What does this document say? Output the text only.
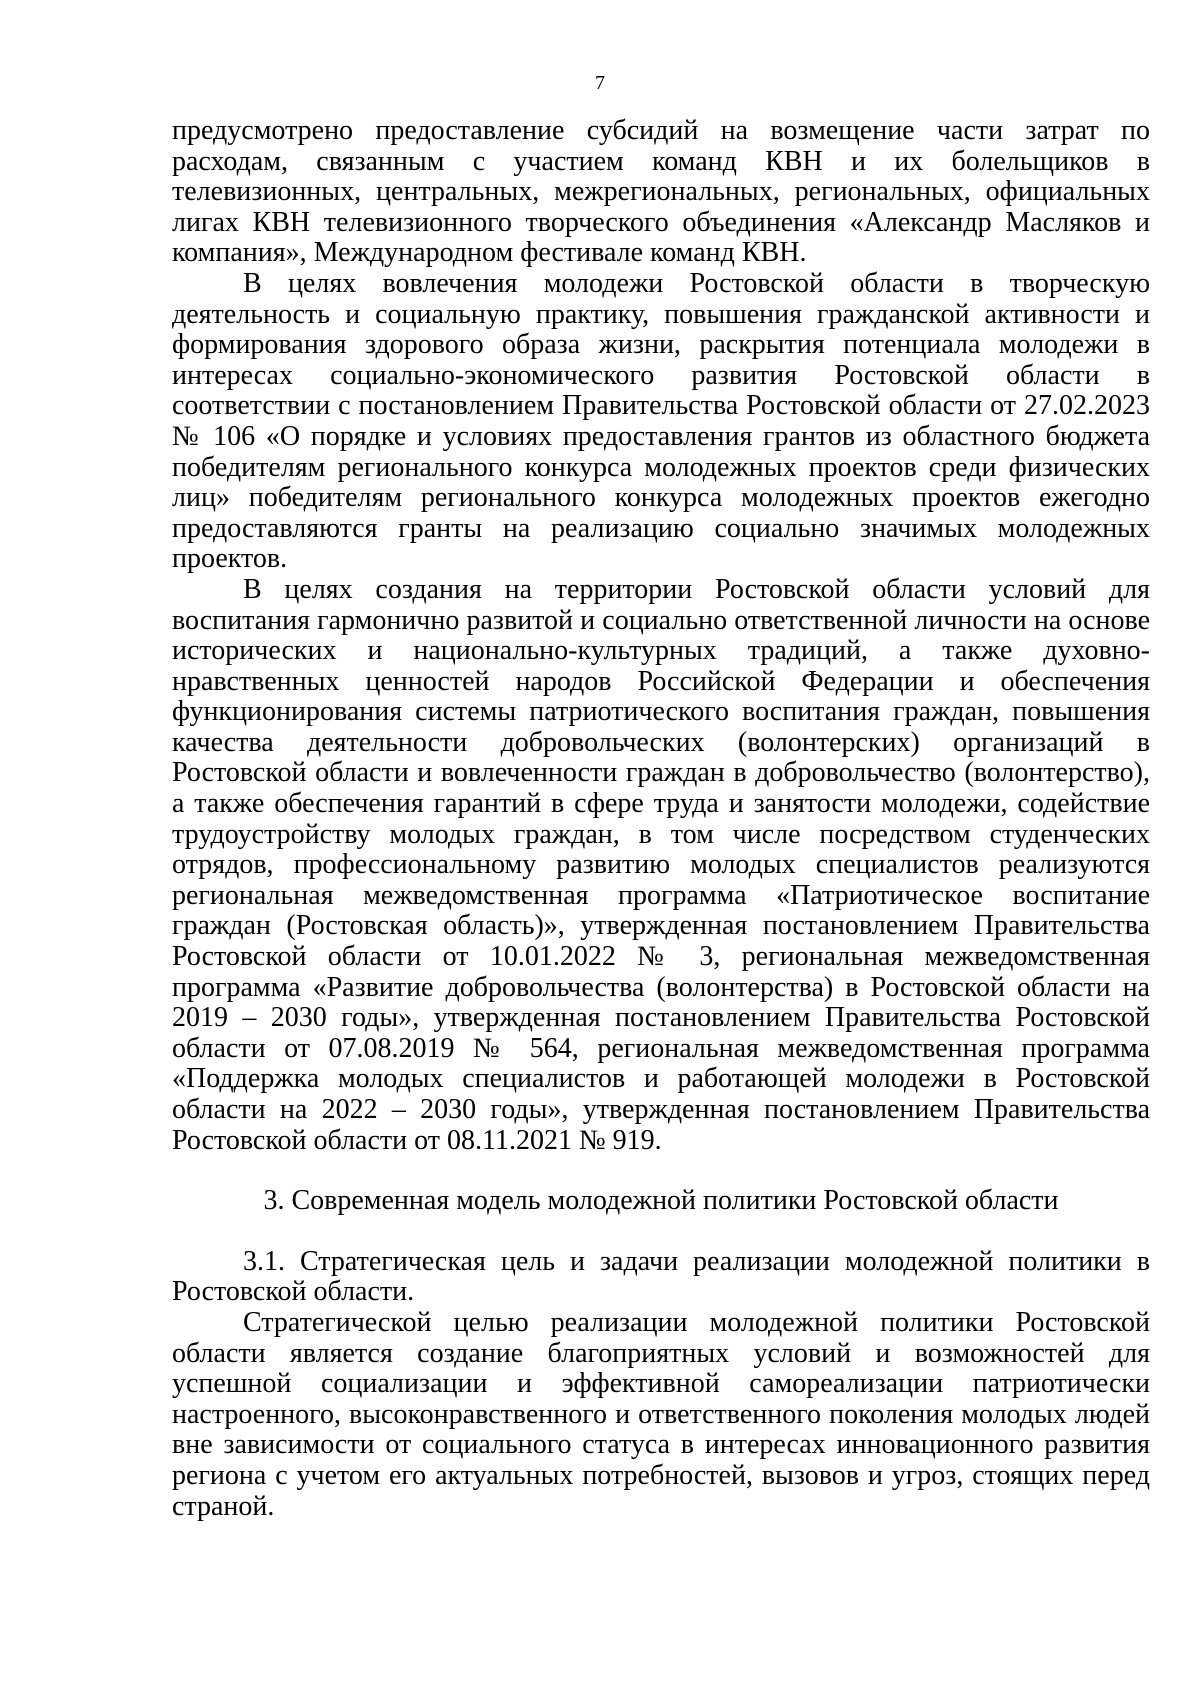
7

предусмотрено предоставление субсидий на возмещение части затрат по расходам, связанным с участием команд КВН и их болельщиков в телевизионных, центральных, межрегиональных, региональных, официальных лигах КВН телевизионного творческого объединения «Александр Масляков и компания», Международном фестивале команд КВН.

В целях вовлечения молодежи Ростовской области в творческую деятельность и социальную практику, повышения гражданской активности и формирования здорового образа жизни, раскрытия потенциала молодежи в интересах социально-экономического развития Ростовской области в соответствии с постановлением Правительства Ростовской области от 27.02.2023 № 106 «О порядке и условиях предоставления грантов из областного бюджета победителям регионального конкурса молодежных проектов среди физических лиц» победителям регионального конкурса молодежных проектов ежегодно предоставляются гранты на реализацию социально значимых молодежных проектов.

В целях создания на территории Ростовской области условий для воспитания гармонично развитой и социально ответственной личности на основе исторических и национально-культурных традиций, а также духовно-нравственных ценностей народов Российской Федерации и обеспечения функционирования системы патриотического воспитания граждан, повышения качества деятельности добровольческих (волонтерских) организаций в Ростовской области и вовлеченности граждан в добровольчество (волонтерство), а также обеспечения гарантий в сфере труда и занятости молодежи, содействие трудоустройству молодых граждан, в том числе посредством студенческих отрядов, профессиональному развитию молодых специалистов реализуются региональная межведомственная программа «Патриотическое воспитание граждан (Ростовская область)», утвержденная постановлением Правительства Ростовской области от 10.01.2022 № 3, региональная межведомственная программа «Развитие добровольчества (волонтерства) в Ростовской области на 2019 – 2030 годы», утвержденная постановлением Правительства Ростовской области от 07.08.2019 № 564, региональная межведомственная программа «Поддержка молодых специалистов и работающей молодежи в Ростовской области на 2022 – 2030 годы», утвержденная постановлением Правительства Ростовской области от 08.11.2021 № 919.

3. Современная модель молодежной политики Ростовской области

3.1. Стратегическая цель и задачи реализации молодежной политики в Ростовской области.

Стратегической целью реализации молодежной политики Ростовской области является создание благоприятных условий и возможностей для успешной социализации и эффективной самореализации патриотически настроенного, высоконравственного и ответственного поколения молодых людей вне зависимости от социального статуса в интересах инновационного развития региона с учетом его актуальных потребностей, вызовов и угроз, стоящих перед страной.
